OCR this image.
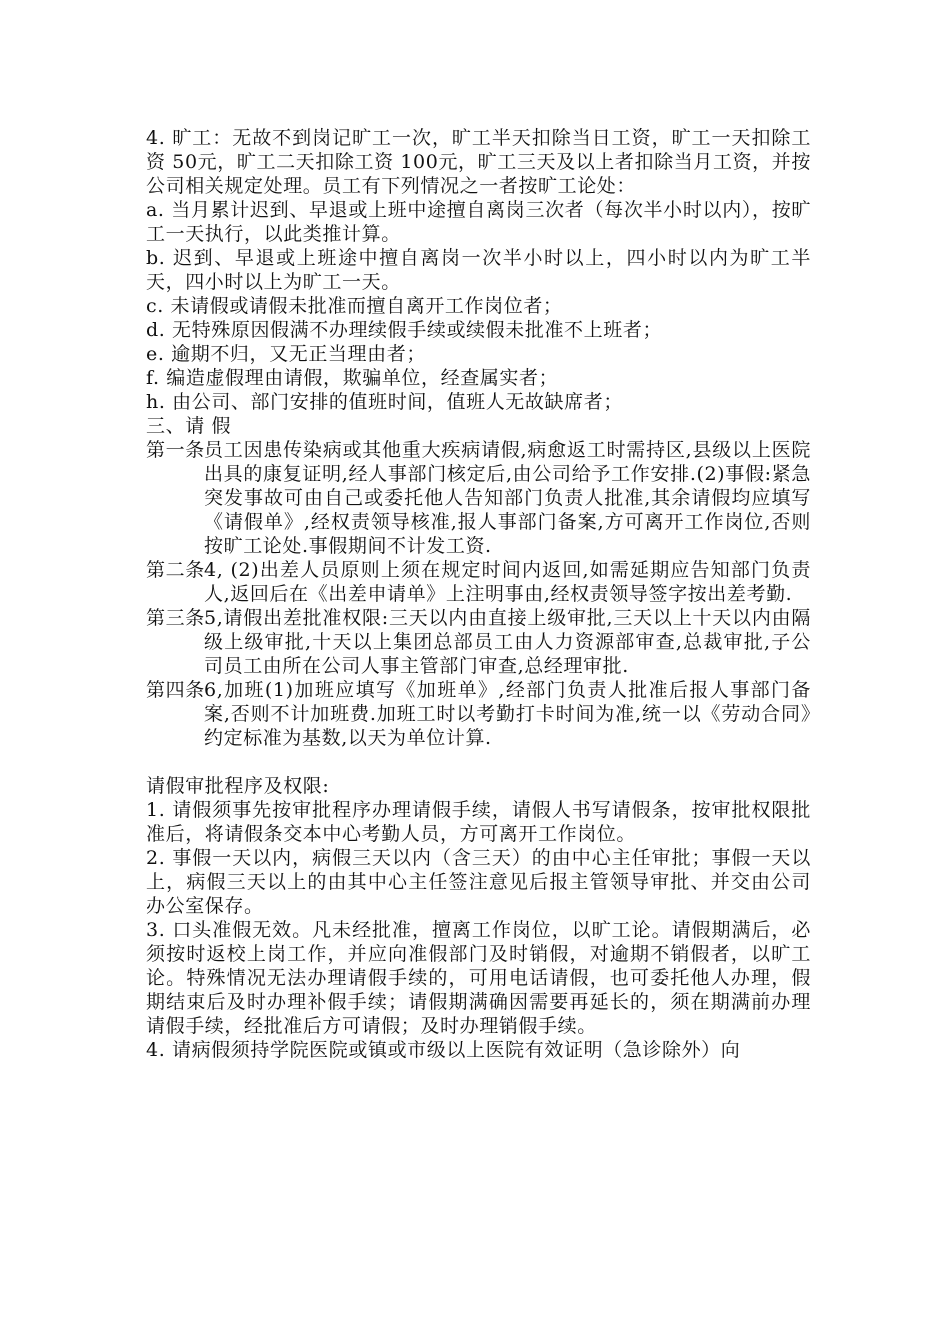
4. 旷工：无故不到岗记旷工一次，旷工半天扣除当日工资，旷工一天扣除工资 50元，旷工二天扣除工资 100元，旷工三天及以上者扣除当月工资，并按公司相关规定处理。员工有下列情况之一者按旷工论处：

a. 当月累计迟到、早退或上班中途擅自离岗三次者（每次半小时以内），按旷工一天执行，以此类推计算。

b. 迟到、早退或上班途中擅自离岗一次半小时以上，四小时以内为旷工半天，四小时以上为旷工一天。

c. 未请假或请假未批准而擅自离开工作岗位者；

d. 无特殊原因假满不办理续假手续或续假未批准不上班者；

e. 逾期不归，又无正当理由者；

f. 编造虚假理由请假，欺骗单位，经查属实者；

h. 由公司、部门安排的值班时间，值班人无故缺席者；

三、请 假

第一条 员工因患传染病或其他重大疾病请假,病愈返工时需持区,县级以上医院出具的康复证明,经人事部门核定后,由公司给予工作安排.(2)事假:紧急突发事故可由自己或委托他人告知部门负责人批准,其余请假均应填写《请假单》,经权责领导核准,报人事部门备案,方可离开工作岗位,否则按旷工论处.事假期间不计发工资.
第二条 4, (2)出差人员原则上须在规定时间内返回,如需延期应告知部门负责人,返回后在《出差申请单》上注明事由,经权责领导签字按出差考勤.
第三条 5,请假出差批准权限:三天以内由直接上级审批,三天以上十天以内由隔级上级审批,十天以上集团总部员工由人力资源部审查,总裁审批,子公司员工由所在公司人事主管部门审查,总经理审批.
第四条 6,加班(1)加班应填写《加班单》,经部门负责人批准后报人事部门备案,否则不计加班费.加班工时以考勤打卡时间为准,统一以《劳动合同》约定标准为基数,以天为单位计算.

请假审批程序及权限:

1. 请假须事先按审批程序办理请假手续，请假人书写请假条，按审批权限批准后，将请假条交本中心考勤人员，方可离开工作岗位。

2. 事假一天以内，病假三天以内（含三天）的由中心主任审批；事假一天以上，病假三天以上的由其中心主任签注意见后报主管领导审批、并交由公司办公室保存。

3. 口头准假无效。凡未经批准，擅离工作岗位，以旷工论。请假期满后，必须按时返校上岗工作，并应向准假部门及时销假，对逾期不销假者，以旷工论。特殊情况无法办理请假手续的，可用电话请假，也可委托他人办理，假期结束后及时办理补假手续；请假期满确因需要再延长的，须在期满前办理请假手续，经批准后方可请假；及时办理销假手续。

4. 请病假须持学院医院或镇或市级以上医院有效证明（急诊除外）向
